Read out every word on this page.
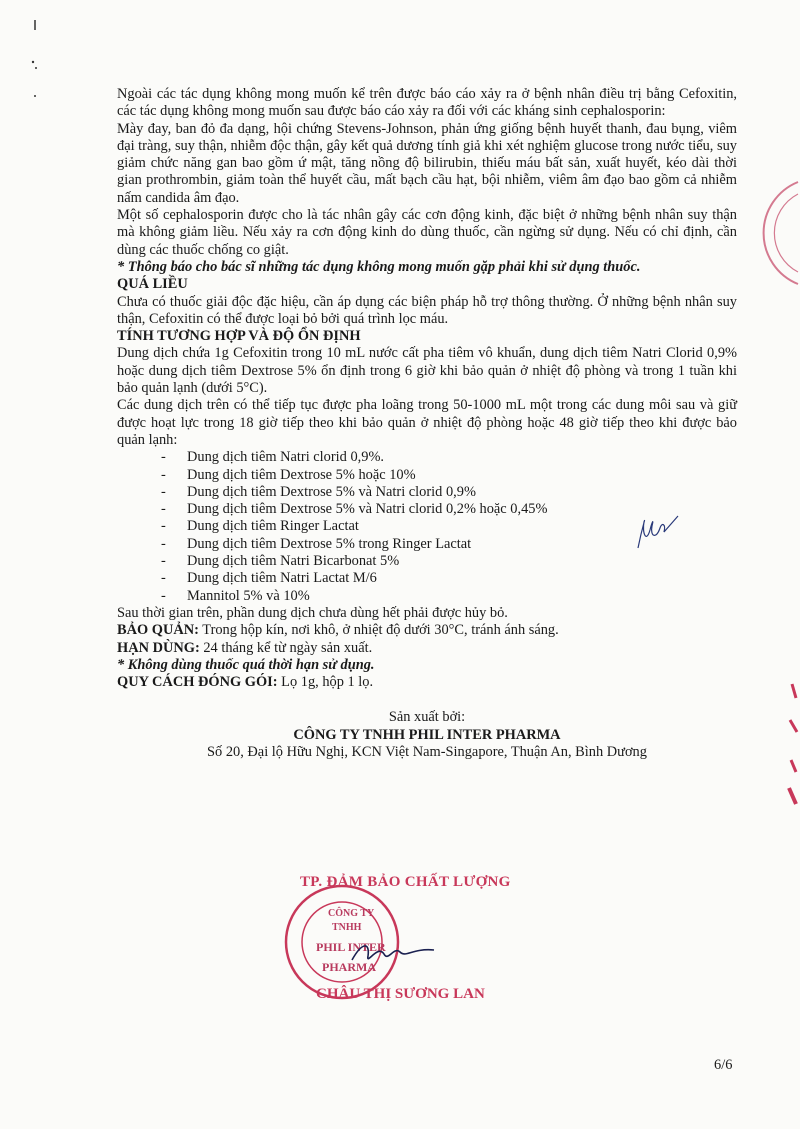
Ngoài các tác dụng không mong muốn kể trên được báo cáo xảy ra ở bệnh nhân điều trị bằng Cefoxitin, các tác dụng không mong muốn sau được báo cáo xảy ra đối với các kháng sinh cephalosporin:

Mày đay, ban đỏ đa dạng, hội chứng Stevens-Johnson, phản ứng giống bệnh huyết thanh, đau bụng, viêm đại tràng, suy thận, nhiễm độc thận, gây kết quả dương tính giả khi xét nghiệm glucose trong nước tiểu, suy giảm chức năng gan bao gồm ứ mật, tăng nồng độ bilirubin, thiếu máu bất sản, xuất huyết, kéo dài thời gian prothrombin, giảm toàn thể huyết cầu, mất bạch cầu hạt, bội nhiễm, viêm âm đạo bao gồm cả nhiễm nấm candida âm đạo.

Một số cephalosporin được cho là tác nhân gây các cơn động kinh, đặc biệt ở những bệnh nhân suy thận mà không giảm liều. Nếu xảy ra cơn động kinh do dùng thuốc, cần ngừng sử dụng. Nếu có chỉ định, cần dùng các thuốc chống co giật.

* Thông báo cho bác sĩ những tác dụng không mong muốn gặp phải khi sử dụng thuốc.

QUÁ LIỀU

Chưa có thuốc giải độc đặc hiệu, cần áp dụng các biện pháp hỗ trợ thông thường. Ở những bệnh nhân suy thận, Cefoxitin có thể được loại bỏ bởi quá trình lọc máu.

TÍNH TƯƠNG HỢP VÀ ĐỘ ỔN ĐỊNH

Dung dịch chứa 1g Cefoxitin trong 10 mL nước cất pha tiêm vô khuẩn, dung dịch tiêm Natri Clorid 0,9% hoặc dung dịch tiêm Dextrose 5% ổn định trong 6 giờ khi bảo quản ở nhiệt độ phòng và trong 1 tuần khi bảo quản lạnh (dưới 5°C).

Các dung dịch trên có thể tiếp tục được pha loãng trong 50-1000 mL một trong các dung môi sau và giữ được hoạt lực trong 18 giờ tiếp theo khi bảo quản ở nhiệt độ phòng hoặc 48 giờ tiếp theo khi được bảo quản lạnh:

- Dung dịch tiêm Natri clorid 0,9%.
- Dung dịch tiêm Dextrose 5% hoặc 10%
- Dung dịch tiêm Dextrose 5% và Natri clorid 0,9%
- Dung dịch tiêm Dextrose 5% và Natri clorid 0,2% hoặc 0,45%
- Dung dịch tiêm Ringer Lactat
- Dung dịch tiêm Dextrose 5% trong Ringer Lactat
- Dung dịch tiêm Natri Bicarbonat 5%
- Dung dịch tiêm Natri Lactat M/6
- Mannitol 5% và 10%

Sau thời gian trên, phần dung dịch chưa dùng hết phải được hủy bỏ.

BẢO QUẢN: Trong hộp kín, nơi khô, ở nhiệt độ dưới 30°C, tránh ánh sáng.

HẠN DÙNG: 24 tháng kể từ ngày sản xuất.

* Không dùng thuốc quá thời hạn sử dụng.

QUY CÁCH ĐÓNG GÓI: Lọ 1g, hộp 1 lọ.

Sản xuất bởi:
CÔNG TY TNHH PHIL INTER PHARMA
Số 20, Đại lộ Hữu Nghị, KCN Việt Nam-Singapore, Thuận An, Bình Dương
TP. ĐẢM BẢO CHẤT LƯỢNG
CÔNG TY
TNHH
PHIL INTER
PHARMA
CHÂU THỊ SƯƠNG LAN
6/6
